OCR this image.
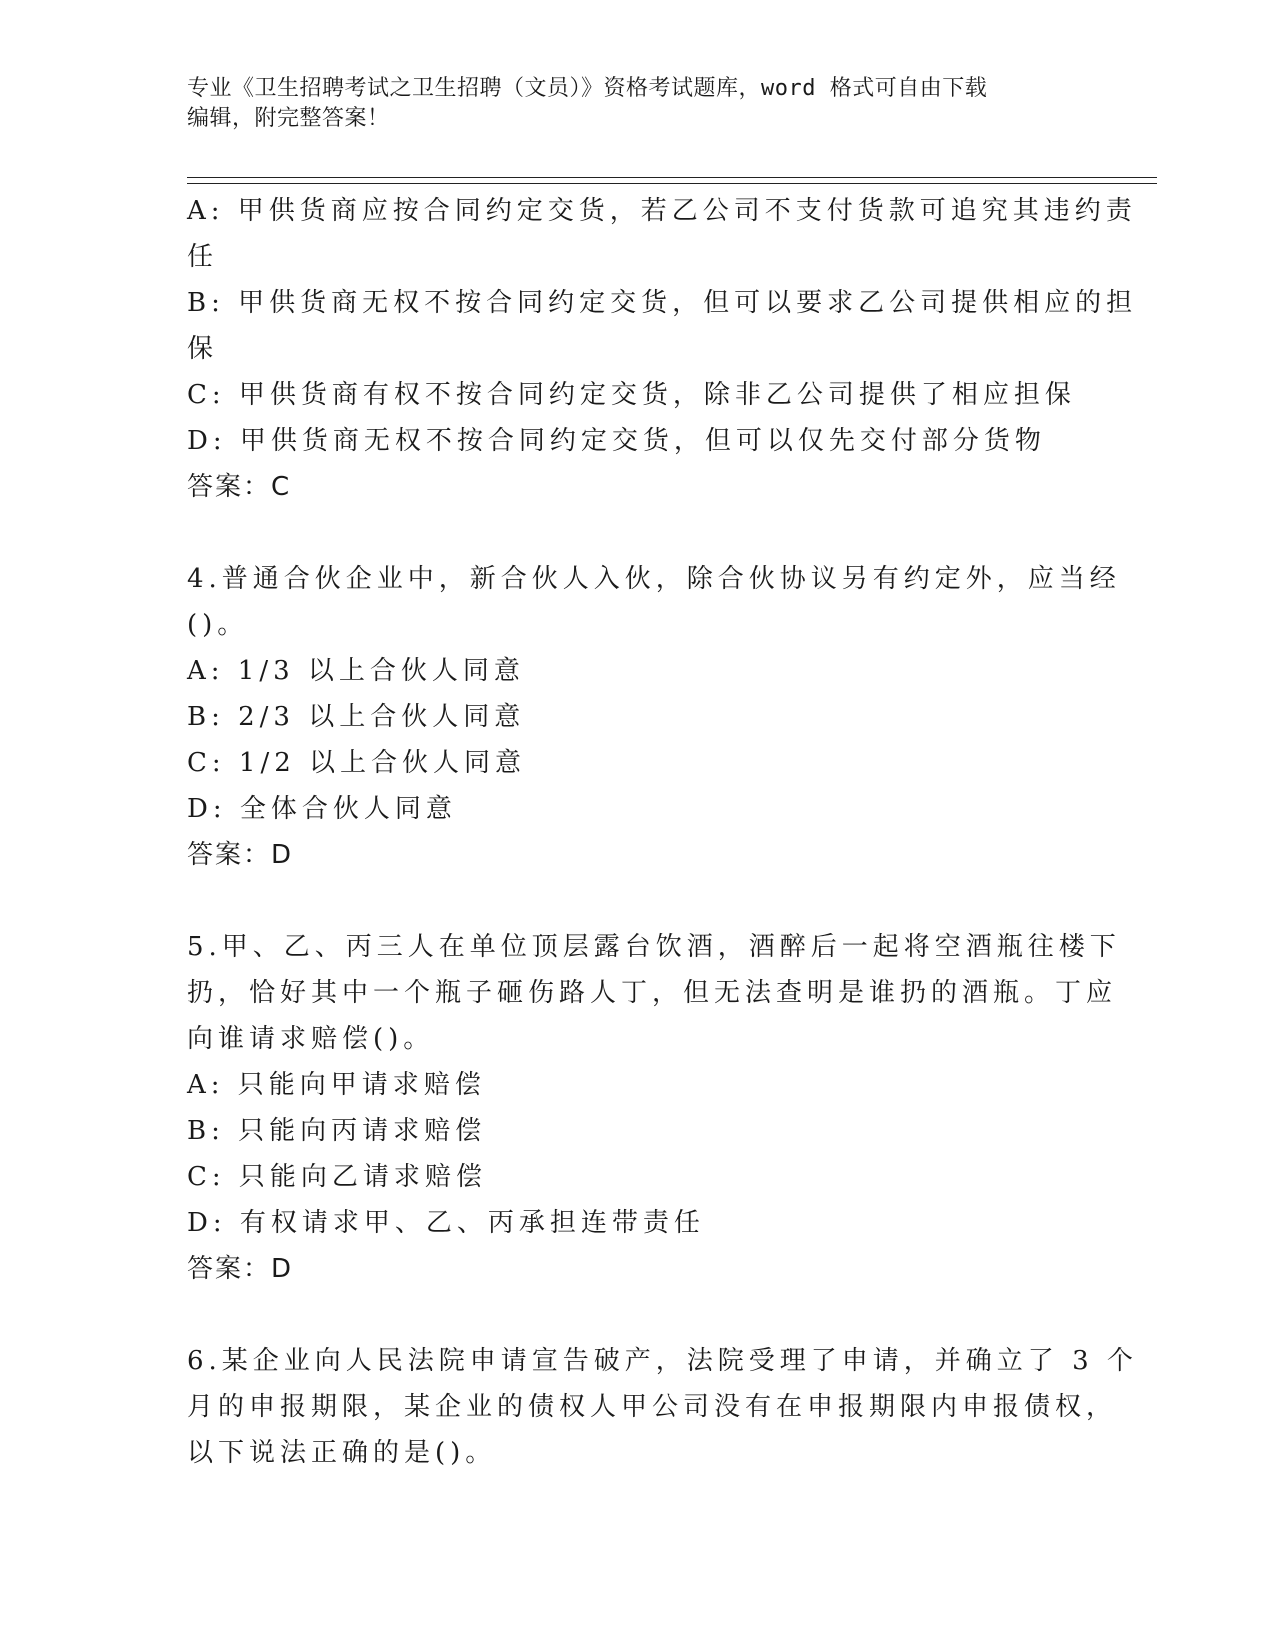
专业《卫生招聘考试之卫生招聘（文员）》资格考试题库，word 格式可自由下载
编辑，附完整答案！
A: 甲供货商应按合同约定交货，若乙公司不支付货款可追究其违约责
任
B: 甲供货商无权不按合同约定交货，但可以要求乙公司提供相应的担
保
C: 甲供货商有权不按合同约定交货，除非乙公司提供了相应担保
D: 甲供货商无权不按合同约定交货，但可以仅先交付部分货物
答案：C
4.普通合伙企业中，新合伙人入伙，除合伙协议另有约定外，应当经
()。
A: 1/3 以上合伙人同意
B: 2/3 以上合伙人同意
C: 1/2 以上合伙人同意
D: 全体合伙人同意
答案：D
5.甲、乙、丙三人在单位顶层露台饮酒，酒醉后一起将空酒瓶往楼下
扔，恰好其中一个瓶子砸伤路人丁，但无法查明是谁扔的酒瓶。丁应
向谁请求赔偿()。
A: 只能向甲请求赔偿
B: 只能向丙请求赔偿
C: 只能向乙请求赔偿
D: 有权请求甲、乙、丙承担连带责任
答案：D
6.某企业向人民法院申请宣告破产，法院受理了申请，并确立了 3 个
月的申报期限，某企业的债权人甲公司没有在申报期限内申报债权，
以下说法正确的是()。
